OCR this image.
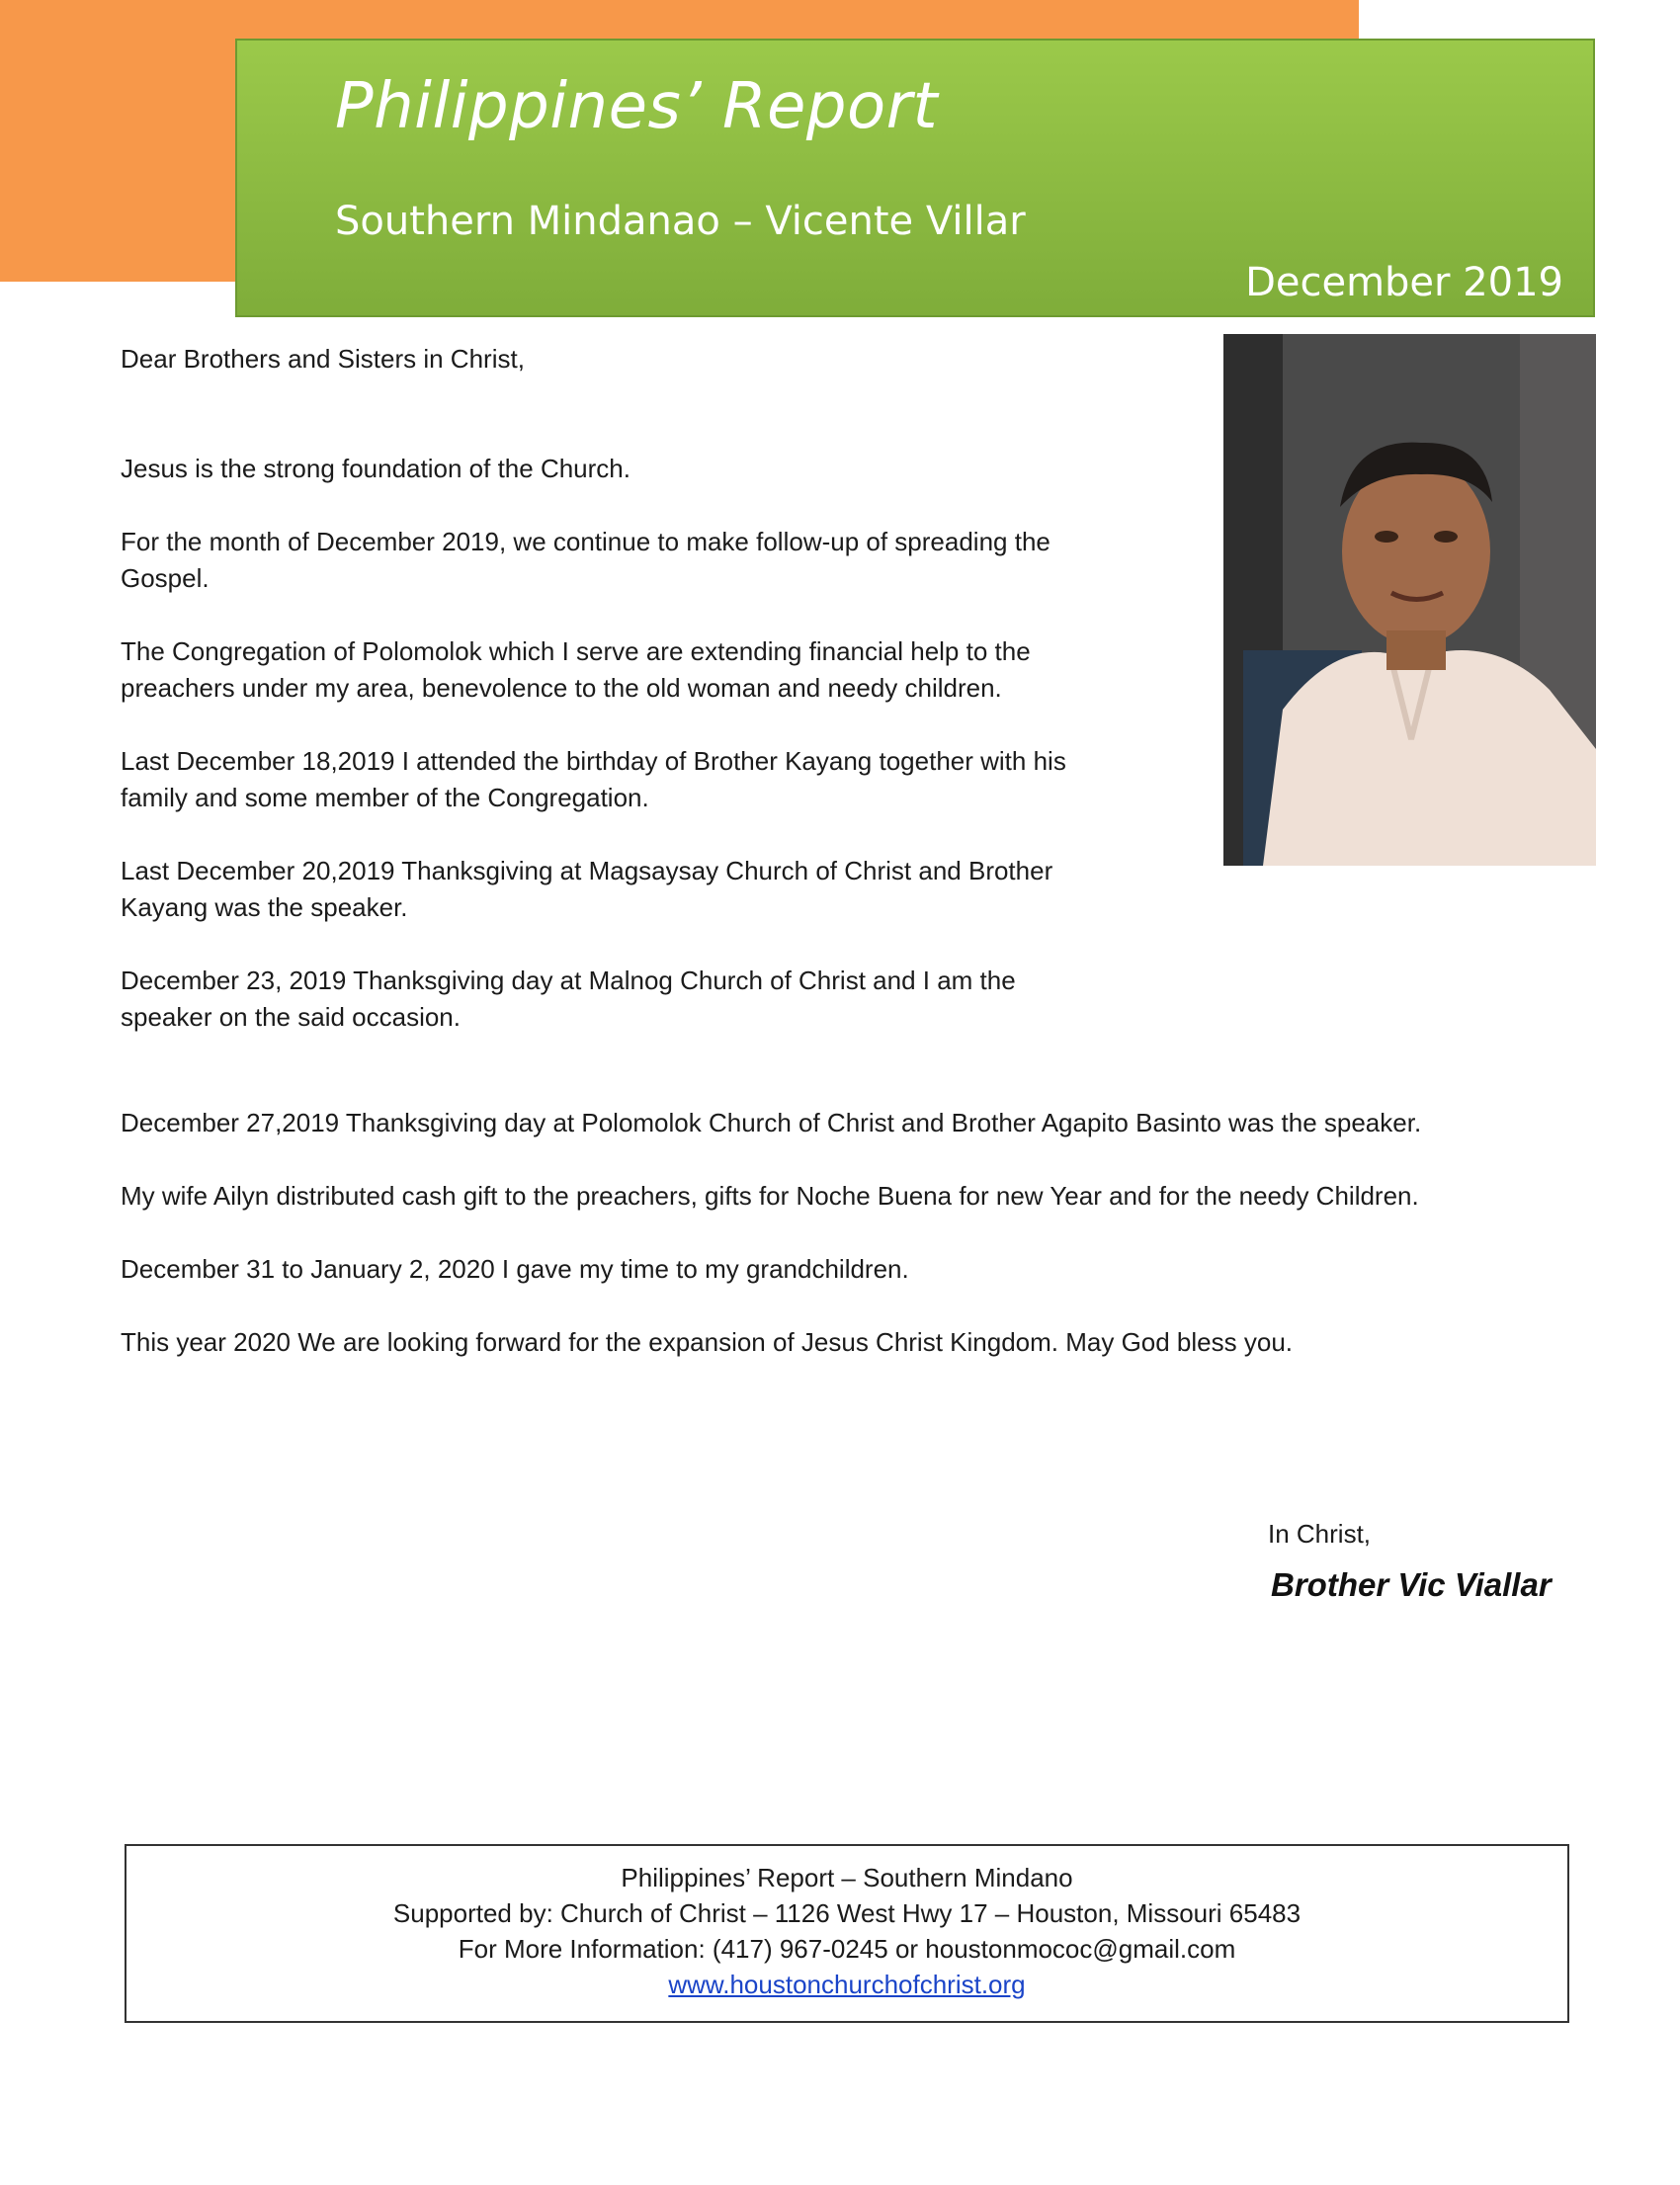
Philippines’ Report
Southern Mindanao – Vicente Villar
December 2019

Dear Brothers and Sisters in Christ,

Jesus is the strong foundation of the Church.

For the month of December 2019, we continue to make follow-up of spreading the Gospel.

The Congregation of Polomolok which I serve are extending financial help to the preachers under my area, benevolence to the old woman and needy children.

Last December 18,2019 I attended the birthday of Brother Kayang together with his family and some member of the Congregation.

Last December 20,2019 Thanksgiving at Magsaysay Church of Christ and Brother Kayang was the speaker.

December 23, 2019 Thanksgiving day at Malnog Church of Christ and I am the speaker on the said occasion.

December 27,2019 Thanksgiving day at Polomolok Church of Christ and Brother Agapito Basinto was the speaker.

My wife Ailyn distributed cash gift to the preachers, gifts for Noche Buena for new Year and for the needy Children.

December 31 to January 2, 2020 I gave my time to my grandchildren.

This year 2020 We are looking forward for the expansion of Jesus Christ Kingdom. May God bless you.

In Christ,
Brother Vic Viallar
Philippines’ Report – Southern Mindano
Supported by: Church of Christ – 1126 West Hwy 17 – Houston, Missouri 65483
For More Information: (417) 967-0245 or houstonmococ@gmail.com
www.houstonchurchofchrist.org
